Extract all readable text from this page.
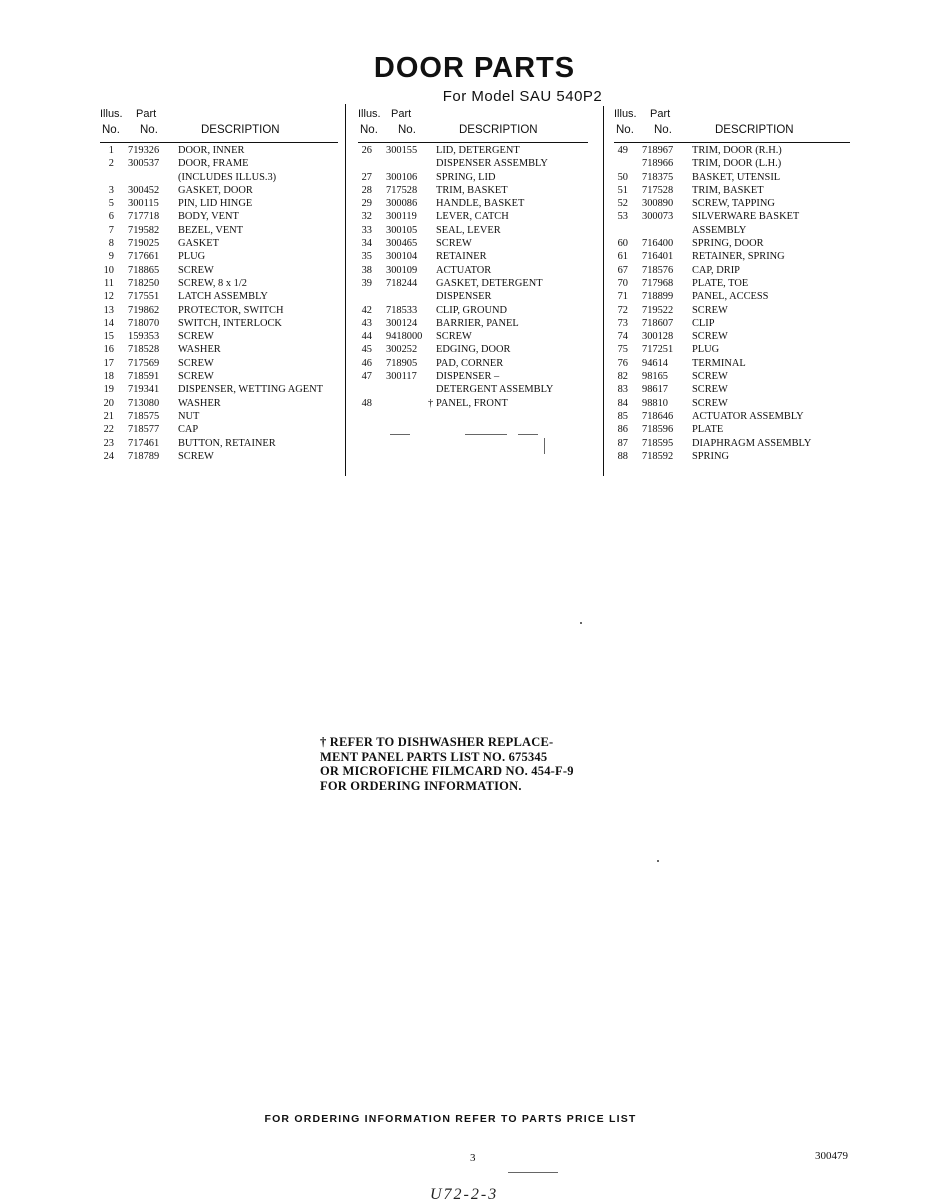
DOOR PARTS
For Model SAU 540P2
Illus. Part
No. No.	DESCRIPTION
1 719326 DOOR, INNER
2 300537 DOOR, FRAME
(INCLUDES ILLUS.3)
3 300452 GASKET, DOOR
5 300115 PIN, LID HINGE
6 717718 BODY, VENT
7 719582 BEZEL, VENT
8 719025 GASKET
9 717661 PLUG
10 718865 SCREW
11 718250 SCREW, 8 x 1/2
12 717551 LATCH ASSEMBLY
13 719862 PROTECTOR, SWITCH
14 718070 SWITCH, INTERLOCK
15 159353 SCREW
16 718528 WASHER
17 717569 SCREW
18 718591 SCREW
19 719341 DISPENSER, WETTING AGENT
20 713080 WASHER
21 718575 NUT
22 718577 CAP
23 717461 BUTTON, RETAINER
24 718789 SCREW
Illus. Part
No. No.	DESCRIPTION
26 300155 LID, DETERGENT
DISPENSER ASSEMBLY
27 300106 SPRING, LID
28 717528 TRIM, BASKET
29 300086 HANDLE, BASKET
32 300119 LEVER, CATCH
33 300105 SEAL, LEVER
34 300465 SCREW
35 300104 RETAINER
38 300109 ACTUATOR
39 718244 GASKET, DETERGENT
DISPENSER
42 718533 CLIP, GROUND
43 300124 BARRIER, PANEL
44 9418000 SCREW
45 300252 EDGING, DOOR
46 718905 PAD, CORNER
47 300117 DISPENSER –
DETERGENT ASSEMBLY
48	† PANEL, FRONT
Illus. Part
No. No.	DESCRIPTION
49 718967 TRIM, DOOR (R.H.)
718966 TRIM, DOOR (L.H.)
50 718375 BASKET, UTENSIL
51 717528 TRIM, BASKET
52 300890 SCREW, TAPPING
53 300073 SILVERWARE BASKET
ASSEMBLY
60 716400 SPRING, DOOR
61 716401 RETAINER, SPRING
67 718576 CAP, DRIP
70 717968 PLATE, TOE
71 718899 PANEL, ACCESS
72 719522 SCREW
73 718607 CLIP
74 300128 SCREW
75 717251 PLUG
76 94614 TERMINAL
82 98165 SCREW
83 98617 SCREW
84 98810 SCREW
85 718646 ACTUATOR ASSEMBLY
86 718596 PLATE
87 718595 DIAPHRAGM ASSEMBLY
88 718592 SPRING
† REFER TO DISHWASHER REPLACE-
MENT PANEL PARTS LIST NO. 675345
OR MICROFICHE FILMCARD NO. 454-F-9
FOR ORDERING INFORMATION.
FOR ORDERING INFORMATION REFER TO PARTS PRICE LIST
3	300479
U72-2-3
